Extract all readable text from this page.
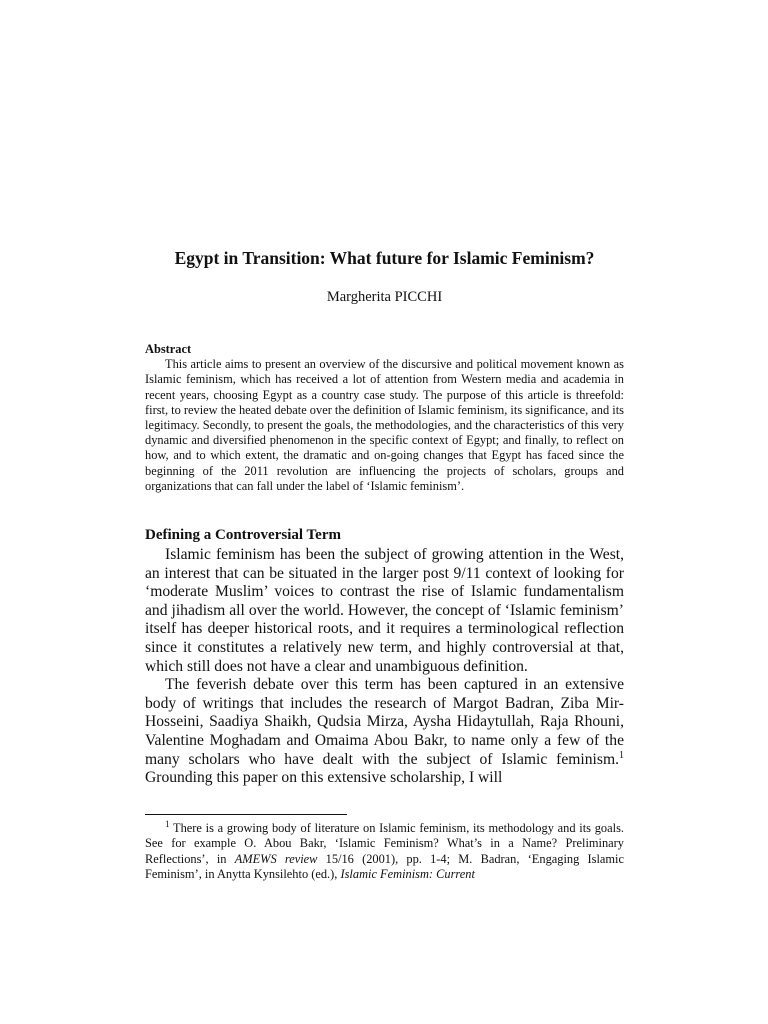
Egypt in Transition: What future for Islamic Feminism?

Margherita PICCHI

Abstract

This article aims to present an overview of the discursive and political movement known as Islamic feminism, which has received a lot of attention from Western media and academia in recent years, choosing Egypt as a country case study. The purpose of this article is threefold: first, to review the heated debate over the definition of Islamic feminism, its significance, and its legitimacy. Secondly, to present the goals, the methodologies, and the characteristics of this very dynamic and diversified phenomenon in the specific context of Egypt; and finally, to reflect on how, and to which extent, the dramatic and on-going changes that Egypt has faced since the beginning of the 2011 revolution are influencing the projects of scholars, groups and organizations that can fall under the label of ‘Islamic feminism’.

Defining a Controversial Term

Islamic feminism has been the subject of growing attention in the West, an interest that can be situated in the larger post 9/11 context of looking for ‘moderate Muslim’ voices to contrast the rise of Islamic fundamentalism and jihadism all over the world. However, the concept of ‘Islamic feminism’ itself has deeper historical roots, and it requires a terminological reflection since it constitutes a relatively new term, and highly controversial at that, which still does not have a clear and unambiguous definition.

The feverish debate over this term has been captured in an extensive body of writings that includes the research of Margot Badran, Ziba Mir-Hosseini, Saadiya Shaikh, Qudsia Mirza, Aysha Hidaytullah, Raja Rhouni, Valentine Moghadam and Omaima Abou Bakr, to name only a few of the many scholars who have dealt with the subject of Islamic feminism.$^1$ Grounding this paper on this extensive scholarship, I will

$^1$ There is a growing body of literature on Islamic feminism, its methodology and its goals. See for example O. Abou Bakr, ‘Islamic Feminism? What’s in a Name? Preliminary Reflections’, in AMEWS review 15/16 (2001), pp. 1-4; M. Badran, ‘Engaging Islamic Feminism’, in Anytta Kynsilehto (ed.), Islamic Feminism: Current
